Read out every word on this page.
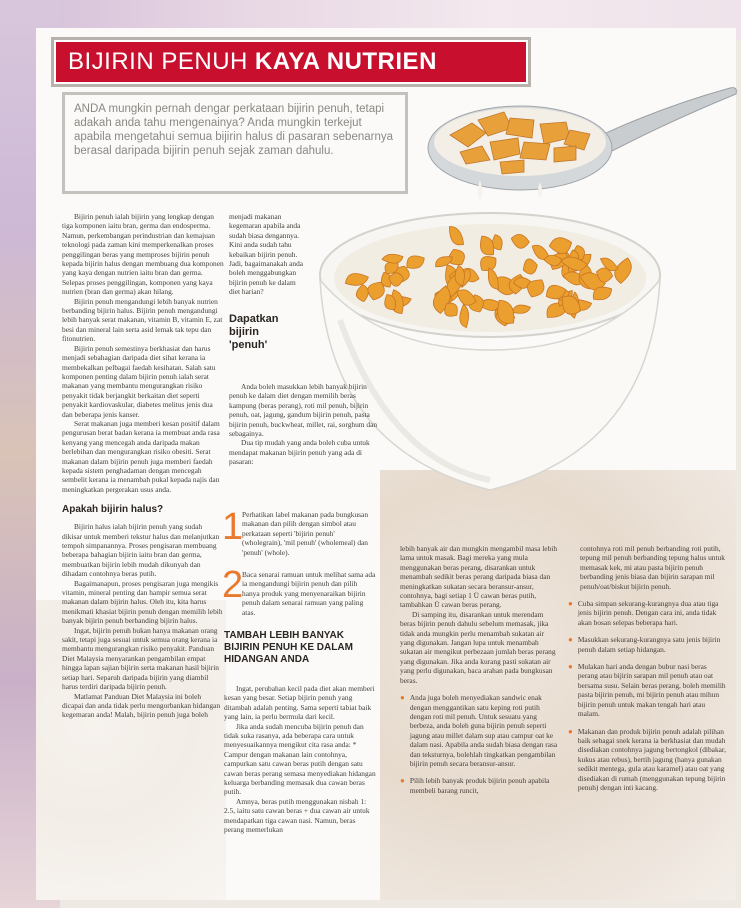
BIJIRIN PENUH KAYA NUTRIEN
ANDA mungkin pernah dengar perkataan bijirin penuh, tetapi adakah anda tahu mengenainya? Anda mungkin terkejut apabila mengetahui semua bijirin halus di pasaran sebenarnya berasal daripada bijirin penuh sejak zaman dahulu.

Bijirin penuh ialah bijirin yang lengkap dengan tiga komponen iaitu bran, germa dan endosperma. Namun, perkembangan perindustrian dan kemajuan teknologi pada zaman kini memperkenalkan proses penggilingan beras yang memproses bijirin penuh kepada bijirin halus dengan membuang dua komponen yang kaya dengan nutrien iaitu bran dan germa. Selepas proses penggilingan, komponen yang kaya nutrien (bran dan germa) akan hilang.

Bijirin penuh mengandungi lebih banyak nutrien berbanding bijirin halus. Bijirin penuh mengandungi lebih banyak serat makanan, vitamin B, vitamin E, zat besi dan mineral lain serta asid lemak tak tepu dan fitonutrien.

Bijirin penuh semestinya berkhasiat dan harus menjadi sebahagian daripada diet sihat kerana ia membekalkan pelbagai faedah kesihatan. Salah satu komponen penting dalam bijirin penuh ialah serat makanan yang membantu mengurangkan risiko penyakit tidak berjangkit berkaitan diet seperti penyakit kardiovaskular, diabetes melitus jenis dua dan beberapa jenis kanser.

Serat makanan juga memberi kesan positif dalam pengurusan berat badan kerana ia membuat anda rasa kenyang yang mencegah anda daripada makan berlebihan dan mengurangkan risiko obesiti. Serat makanan dalam bijirin penuh juga memberi faedah kepada sistem penghadaman dengan mencegah sembelit kerana ia menambah pukal kepada najis dan meningkatkan pergerakan usus anda.

Apakah bijirin halus?

Bijirin halus ialah bijirin penuh yang sudah dikisar untuk memberi tekstur halus dan melanjutkan tempoh simpanannya. Proses pengisaran membuang beberapa bahagian bijirin iaitu bran dan germa, membuatkan bijirin lebih mudah dikunyah dan dihadam contohnya beras putih.

Bagaimanapun, proses pengisaran juga mengikis vitamin, mineral penting dan hampir semua serat makanan dalam bijirin halus. Oleh itu, kita harus menikmati khasiat bijirin penuh dengan memilih lebih banyak bijirin penuh berbanding bijirin halus.

Ingat, bijirin penuh bukan hanya makanan orang sakit, tetapi juga sesuai untuk semua orang kerana ia membantu mengurangkan risiko penyakit. Panduan Diet Malaysia menyarankan pengambilan empat hingga lapan sajian bijirin serta makanan hasil bijirin setiap hari. Separuh daripada bijirin yang diambil harus terdiri daripada bijirin penuh.

Matlamat Panduan Diet Malaysia ini boleh dicapai dan anda tidak perlu mengorbankan hidangan kegemaran anda! Malah, bijirin penuh juga boleh

menjadi makanan kegemaran apabila anda sudah biasa dengannya. Kini anda sudah tahu kebaikan bijirin penuh. Jadi, bagaimanakah anda boleh menggabungkan bijirin penuh ke dalam diet harian?

Dapatkan bijirin 'penuh'

Anda boleh masukkan lebih banyak bijirin penuh ke dalam diet dengan memilih beras kampung (beras perang), roti mil penuh, bijirin penuh, oat, jagung, gandum bijirin penuh, pasta bijirin penuh, buckwheat, millet, rai, sorghum dan sebagainya.

Dua tip mudah yang anda boleh cuba untuk mendapat makanan bijirin penuh yang ada di pasaran:

1
Perhatikan label makanan pada bungkusan makanan dan pilih dengan simbol atau perkataan seperti 'bijirin penuh' (wholegrain), 'mil penuh' (wholemeal) dan 'penuh' (whole).
2
Baca senarai ramuan untuk melihat sama ada ia mengandungi bijirin penuh dan pilih hanya produk yang menyenaraikan bijirin penuh dalam senarai ramuan yang paling atas.
TAMBAH LEBIH BANYAK BIJIRIN PENUH KE DALAM HIDANGAN ANDA

Ingat, perubahan kecil pada diet akan memberi kesan yang besar. Setiap bijirin penuh yang ditambah adalah penting. Sama seperti tabiat baik yang lain, ia perlu bermula dari kecil.

Jika anda sudah mencuba bijirin penuh dan tidak suka rasanya, ada beberapa cara untuk menyesuaikannya mengikut cita rasa anda: * Campur dengan makanan lain contohnya, campurkan satu cawan beras putih dengan satu cawan beras perang semasa menyediakan hidangan keluarga berbanding memasak dua cawan beras putih.

Amnya, beras putih menggunakan nisbah 1: 2.5, iaitu satu cawan beras + dua cawan air untuk mendapatkan tiga cawan nasi. Namun, beras perang memerlukan

lebih banyak air dan mungkin mengambil masa lebih lama untuk masak. Bagi mereka yang mula menggunakan beras perang, disarankan untuk menambah sedikit beras perang daripada biasa dan meningkatkan sukatan secara beransur-ansur, contohnya, bagi setiap 1 Ü cawan beras putih, tambahkan Ü cawan beras perang.

Di samping itu, disarankan untuk merendam beras bijirin penuh dahulu sebelum memasak, jika tidak anda mungkin perlu menambah sukatan air yang digunakan. Jangan lupa untuk menambah sukatan air mengikut perbezaan jumlah beras perang yang digunakan. Jika anda kurang pasti sukatan air yang perlu digunakan, baca arahan pada bungkusan beras.

● Anda juga boleh menyediakan sandwic enak dengan menggantikan satu keping roti putih dengan roti mil penuh. Untuk sesuatu yang berbeza, anda boleh guna bijirin penuh seperti jagung atau millet dalam sup atau campur oat ke dalam nasi. Apabila anda sudah biasa dengan rasa dan teksturnya, bolehlah tingkatkan pengambilan bijirin penuh secara beransur-ansur.
● Pilih lebih banyak produk bijirin penuh apabila membeli barang runcit,

contohnya roti mil penuh berbanding roti putih, tepung mil penuh berbanding tepung halus untuk memasak kek, mi atau pasta bijirin penuh berbanding jenis biasa dan bijirin sarapan mil penuh/oat/biskut bijirin penuh.

● Cuba simpan sekurang-kurangnya dua atau tiga jenis bijirin penuh. Dengan cara ini, anda tidak akan bosan selepas beberapa hari.
● Masukkan sekurang-kurangnya satu jenis bijirin penuh dalam setiap hidangan.
● Mulakan hari anda dengan bubur nasi beras perang atau bijirin sarapan mil penuh atau oat bersama susu. Selain beras perang, boleh memilih pasta bijirin penuh, mi bijirin penuh atau mihun bijirin penuh untuk makan tengah hari atau malam.
● Makanan dan produk bijirin penuh adalah pilihan baik sebagai snek kerana ia berkhasiat dan mudah disediakan contohnya jagung bertongkol (dibakar, kukus atau rebus), bertih jagung (hanya gunakan sedikit mentega, gula atau karamel) atau oat yang disediakan di rumah (menggunakan tepung bijirin penuh) dengan inti kacang.
